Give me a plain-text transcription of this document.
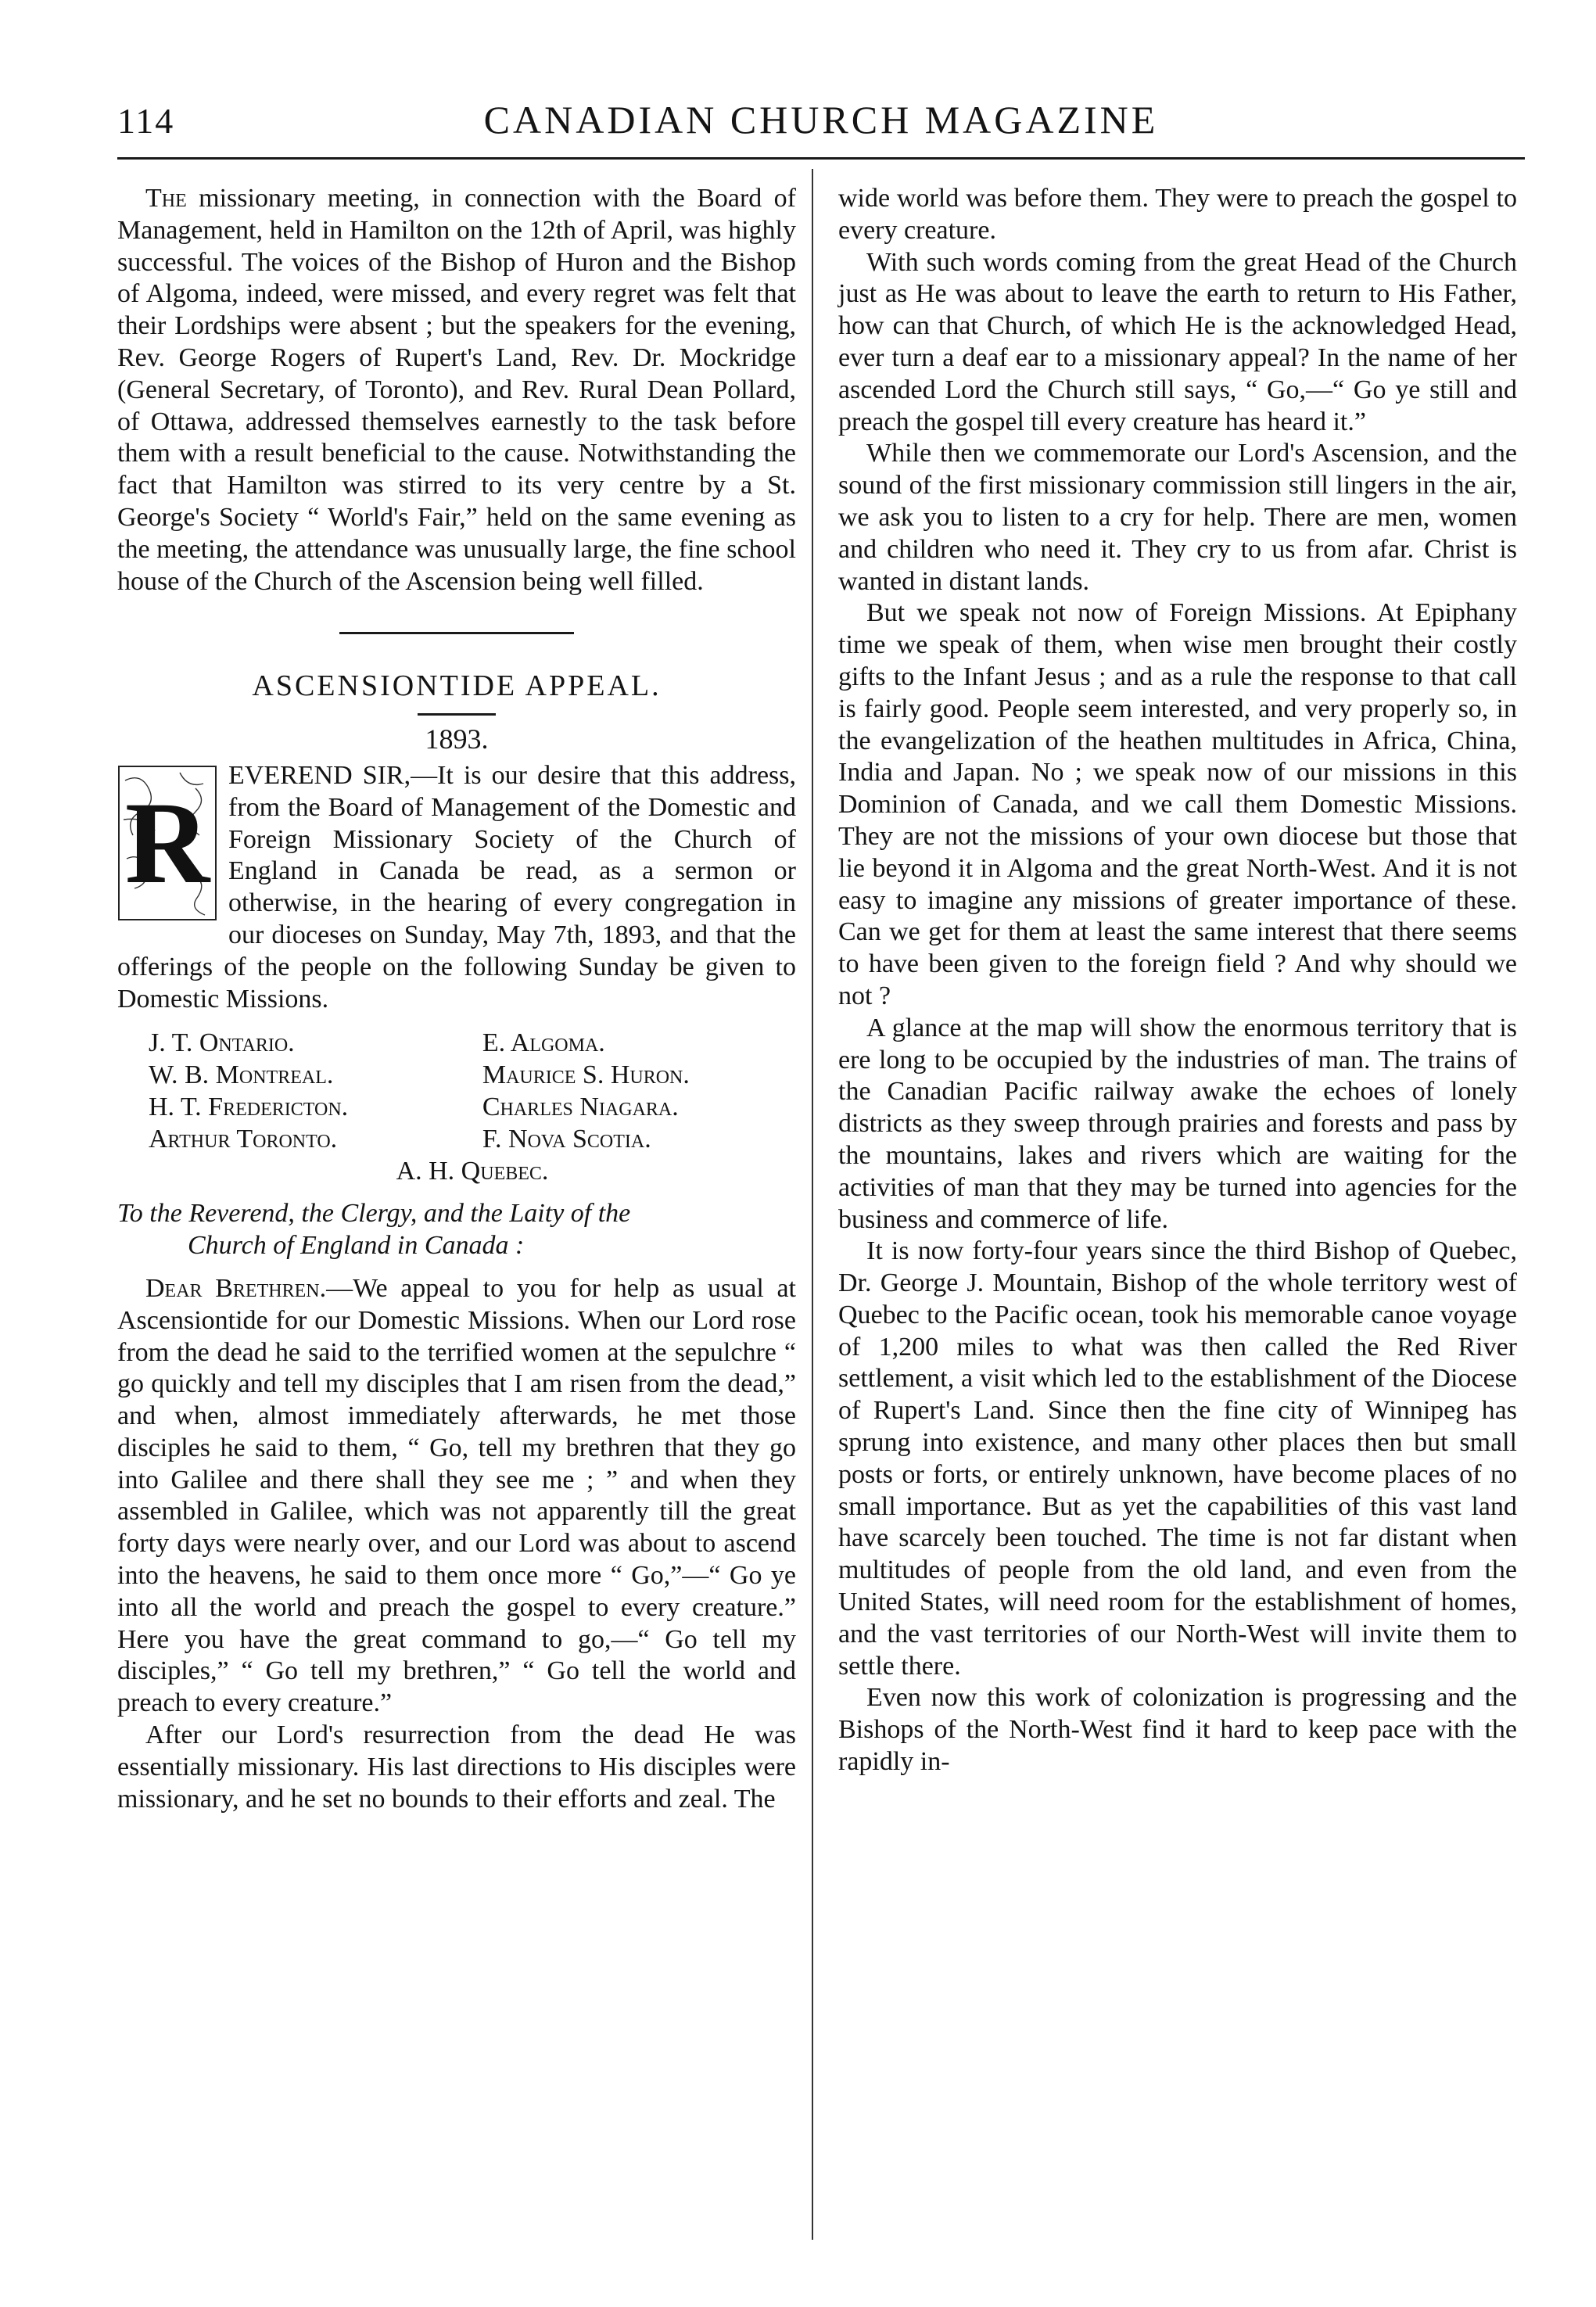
114	CANADIAN CHURCH MAGAZINE

The missionary meeting, in connection with the Board of Management, held in Hamilton on the 12th of April, was highly successful. The voices of the Bishop of Huron and the Bishop of Algoma, indeed, were missed, and every regret was felt that their Lordships were absent ; but the speakers for the evening, Rev. George Rogers of Rupert's Land, Rev. Dr. Mockridge (General Secretary, of Toronto), and Rev. Rural Dean Pollard, of Ottawa, addressed themselves earnestly to the task before them with a result beneficial to the cause. Notwithstanding the fact that Hamilton was stirred to its very centre by a St. George's Society “ World's Fair,” held on the same evening as the meeting, the attendance was unusually large, the fine school house of the Church of the Ascension being well filled.

ASCENSIONTIDE APPEAL.
1893.

R
EVEREND SIR,—It is our desire that this address, from the Board of Management of the Domestic and Foreign Missionary Society of the Church of England in Canada be read, as a sermon or otherwise, in the hearing of every congregation in our dioceses on Sunday, May 7th, 1893, and that the offerings of the people on the following Sunday be given to Domestic Missions.

J. T. Ontario.	E. Algoma.
W. B. Montreal.	Maurice S. Huron.
H. T. Fredericton.	Charles Niagara.
Arthur Toronto.	F. Nova Scotia.
A. H. Quebec.	

To the Reverend, the Clergy, and the Laity of the
Church of England in Canada :

Dear Brethren.—We appeal to you for help as usual at Ascensiontide for our Domestic Missions. When our Lord rose from the dead he said to the terrified women at the sepulchre “ go quickly and tell my disciples that I am risen from the dead,” and when, almost immediately afterwards, he met those disciples he said to them, “ Go, tell my brethren that they go into Galilee and there shall they see me ; ” and when they assembled in Galilee, which was not apparently till the great forty days were nearly over, and our Lord was about to ascend into the heavens, he said to them once more “ Go,”—“ Go ye into all the world and preach the gospel to every creature.” Here you have the great command to go,—“ Go tell my disciples,” “ Go tell my brethren,” “ Go tell the world and preach to every creature.”

After our Lord's resurrection from the dead He was essentially missionary. His last directions to His disciples were missionary, and he set no bounds to their efforts and zeal. The

wide world was before them. They were to preach the gospel to every creature.

With such words coming from the great Head of the Church just as He was about to leave the earth to return to His Father, how can that Church, of which He is the acknowledged Head, ever turn a deaf ear to a missionary appeal? In the name of her ascended Lord the Church still says, “ Go,—“ Go ye still and preach the gospel till every creature has heard it.”

While then we commemorate our Lord's Ascension, and the sound of the first missionary commission still lingers in the air, we ask you to listen to a cry for help. There are men, women and children who need it. They cry to us from afar. Christ is wanted in distant lands.

But we speak not now of Foreign Missions. At Epiphany time we speak of them, when wise men brought their costly gifts to the Infant Jesus ; and as a rule the response to that call is fairly good. People seem interested, and very properly so, in the evangelization of the heathen multitudes in Africa, China, India and Japan. No ; we speak now of our missions in this Dominion of Canada, and we call them Domestic Missions. They are not the missions of your own diocese but those that lie beyond it in Algoma and the great North-West. And it is not easy to imagine any missions of greater importance of these. Can we get for them at least the same interest that there seems to have been given to the foreign field ? And why should we not ?

A glance at the map will show the enormous territory that is ere long to be occupied by the industries of man. The trains of the Canadian Pacific railway awake the echoes of lonely districts as they sweep through prairies and forests and pass by the mountains, lakes and rivers which are waiting for the activities of man that they may be turned into agencies for the business and commerce of life.

It is now forty-four years since the third Bishop of Quebec, Dr. George J. Mountain, Bishop of the whole territory west of Quebec to the Pacific ocean, took his memorable canoe voyage of 1,200 miles to what was then called the Red River settlement, a visit which led to the establishment of the Diocese of Rupert's Land. Since then the fine city of Winnipeg has sprung into existence, and many other places then but small posts or forts, or entirely unknown, have become places of no small importance. But as yet the capabilities of this vast land have scarcely been touched. The time is not far distant when multitudes of people from the old land, and even from the United States, will need room for the establishment of homes, and the vast territories of our North-West will invite them to settle there.

Even now this work of colonization is progressing and the Bishops of the North-West find it hard to keep pace with the rapidly in-
